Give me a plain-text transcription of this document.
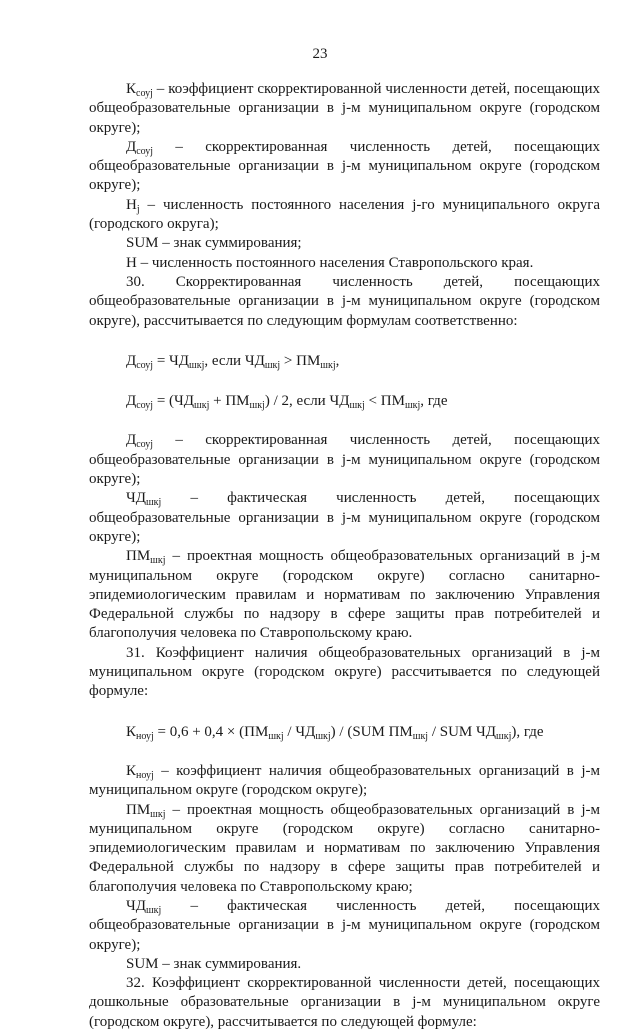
23

$К_{соуj}$ – коэффициент скорректированной численности детей, посещающих общеобразовательные организации в j-м муниципальном округе (городском округе);

$Д_{соуj}$ – скорректированная численность детей, посещающих общеобразовательные организации в j-м муниципальном округе (городском округе);

$Н_j$ – численность постоянного населения j-го муниципального округа (городского округа);

SUM – знак суммирования;

Н – численность постоянного населения Ставропольского края.

30. Скорректированная численность детей, посещающих общеобразовательные организации в j-м муниципальном округе (городском округе), рассчитывается по следующим формулам соответственно:

$Д_{соуj} = ЧД_{шкj}$, если $ЧД_{шкj} > ПМ_{шкj}$,

$Д_{соуj} = (ЧД_{шкj} + ПМ_{шкj}) / 2$, если $ЧД_{шкj} < ПМ_{шкj}$, где

$Д_{соуj}$ – скорректированная численность детей, посещающих общеобразовательные организации в j-м муниципальном округе (городском округе);

$ЧД_{шкj}$ – фактическая численность детей, посещающих общеобразовательные организации в j-м муниципальном округе (городском округе);

$ПМ_{шкj}$ – проектная мощность общеобразовательных организаций в j-м муниципальном округе (городском округе) согласно санитарно-эпидемиологическим правилам и нормативам по заключению Управления Федеральной службы по надзору в сфере защиты прав потребителей и благополучия человека по Ставропольскому краю.

31. Коэффициент наличия общеобразовательных организаций в j-м муниципальном округе (городском округе) рассчитывается по следующей формуле:

$К_{ноуj} = 0,6 + 0,4 \times (ПМ_{шкj} / ЧД_{шкj}) / (SUM$ $ПМ_{шкj}$ / SUM $ЧД_{шкj}$), где

$К_{ноуj}$ – коэффициент наличия общеобразовательных организаций в j-м муниципальном округе (городском округе);

$ПМ_{шкj}$ – проектная мощность общеобразовательных организаций в j-м муниципальном округе (городском округе) согласно санитарно-эпидемиологическим правилам и нормативам по заключению Управления Федеральной службы по надзору в сфере защиты прав потребителей и благополучия человека по Ставропольскому краю;

$ЧД_{шкj}$ – фактическая численность детей, посещающих общеобразовательные организации в j-м муниципальном округе (городском округе);

SUM – знак суммирования.

32. Коэффициент скорректированной численности детей, посещающих дошкольные образовательные организации в j-м муниципальном округе (городском округе), рассчитывается по следующей формуле:
